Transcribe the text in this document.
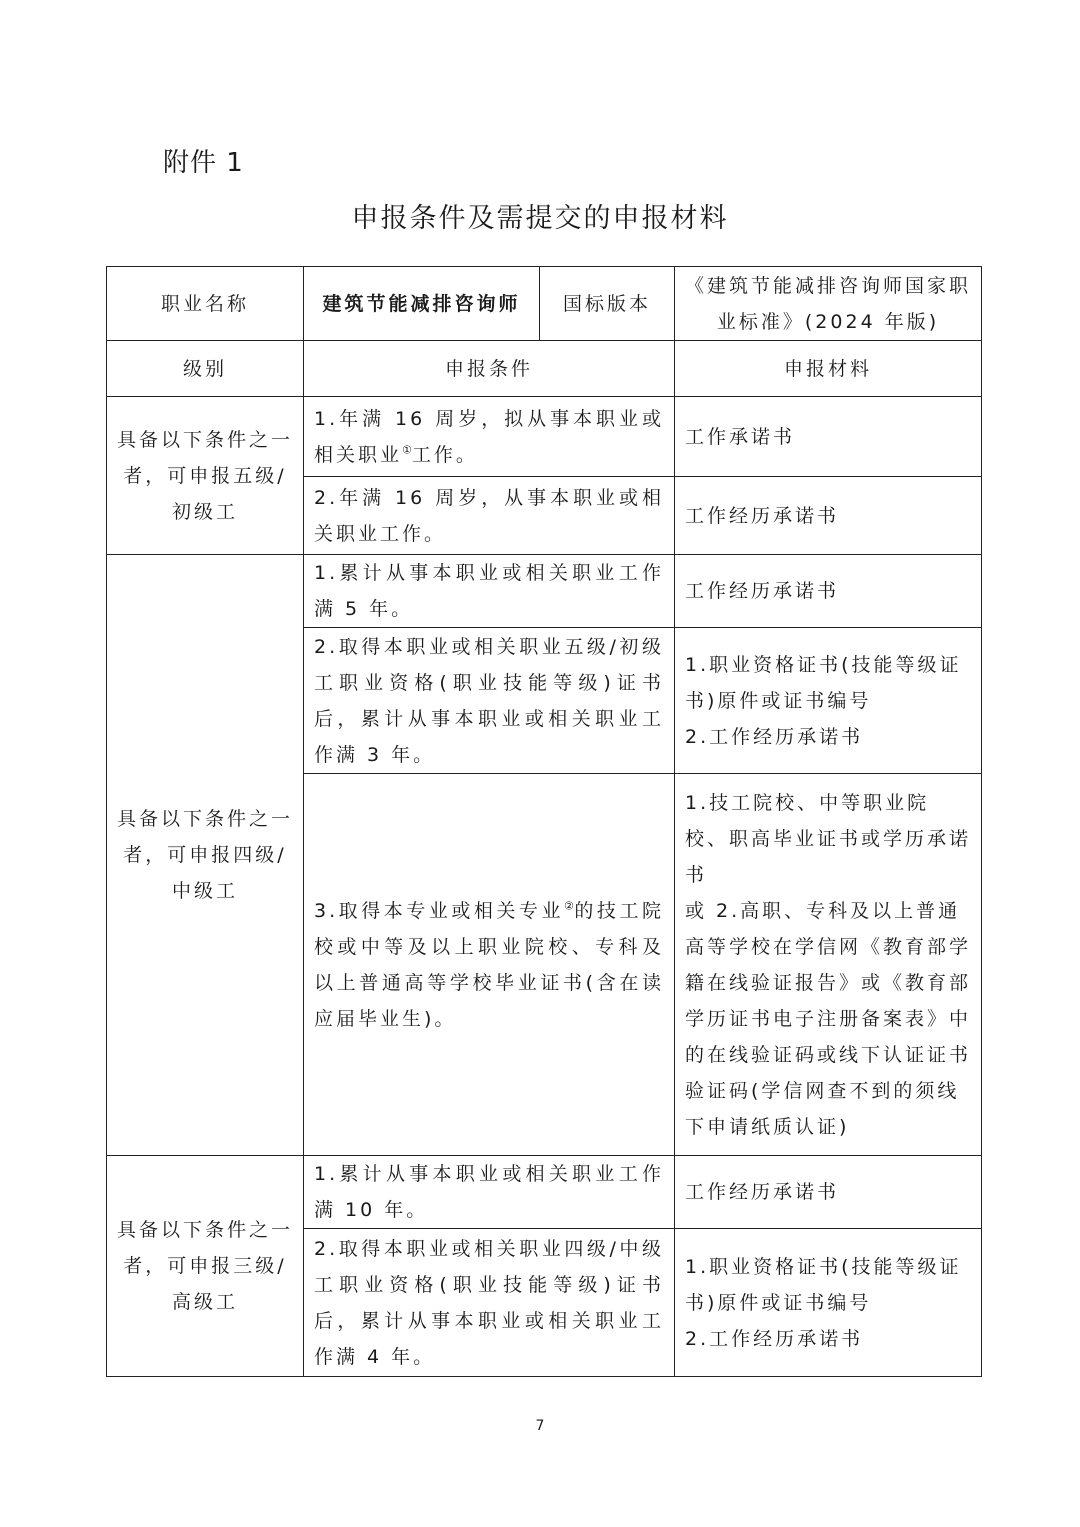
附件 1
申报条件及需提交的申报材料
职业名称	建筑节能减排咨询师	国标版本	《建筑节能减排咨询师国家职业标准》(2024 年版)
级别	申报条件		申报材料
具备以下条件之一者，可申报五级/初级工	1.年满 16 周岁，拟从事本职业或相关职业①工作。		工作承诺书
	2.年满 16 周岁，从事本职业或相关职业工作。		工作经历承诺书
具备以下条件之一者，可申报四级/中级工	1.累计从事本职业或相关职业工作满 5 年。		工作经历承诺书
	2.取得本职业或相关职业五级/初级工职业资格(职业技能等级)证书后，累计从事本职业或相关职业工作满 3 年。		1.职业资格证书(技能等级证书)原件或证书编号
2.工作经历承诺书
	3.取得本专业或相关专业②的技工院校或中等及以上职业院校、专科及以上普通高等学校毕业证书(含在读应届毕业生)。		1.技工院校、中等职业院校、职高毕业证书或学历承诺书
或 2.高职、专科及以上普通高等学校在学信网《教育部学籍在线验证报告》或《教育部学历证书电子注册备案表》中的在线验证码或线下认证证书验证码(学信网查不到的须线下申请纸质认证)
具备以下条件之一者，可申报三级/高级工	1.累计从事本职业或相关职业工作满 10 年。		工作经历承诺书
	2.取得本职业或相关职业四级/中级工职业资格(职业技能等级)证书后，累计从事本职业或相关职业工作满 4 年。		1.职业资格证书(技能等级证书)原件或证书编号
2.工作经历承诺书
7
